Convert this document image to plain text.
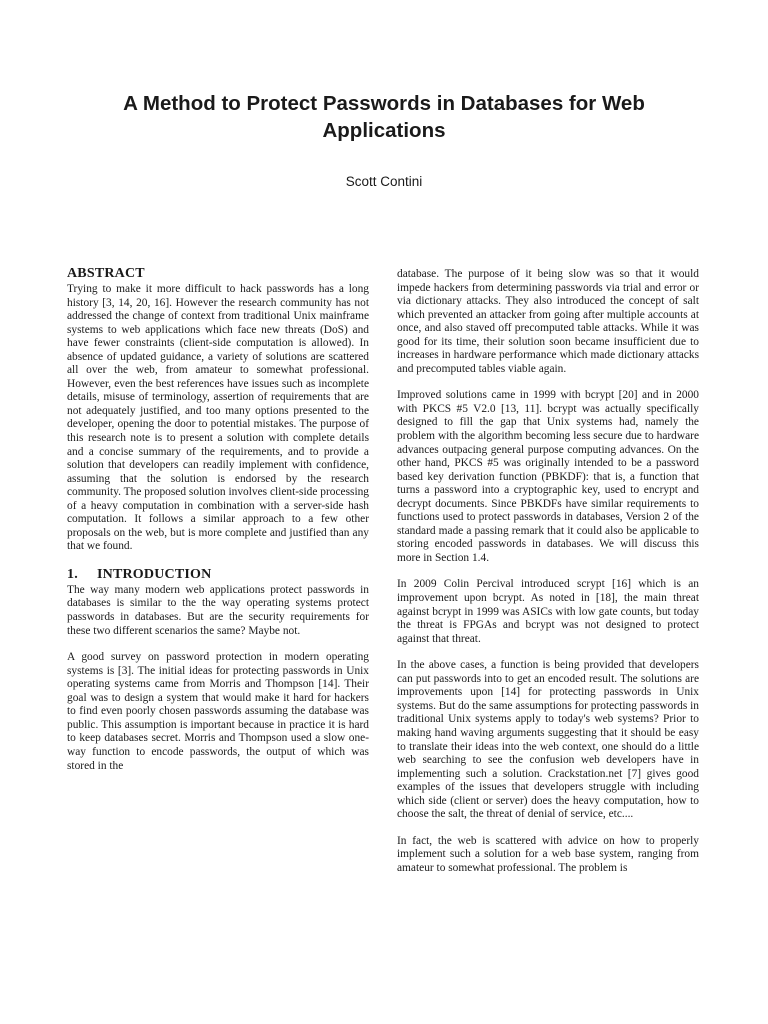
A Method to Protect Passwords in Databases for Web Applications
Scott Contini
ABSTRACT

Trying to make it more difficult to hack passwords has a long history [3, 14, 20, 16]. However the research community has not addressed the change of context from traditional Unix mainframe systems to web applications which face new threats (DoS) and have fewer constraints (client-side computation is allowed). In absence of updated guidance, a variety of solutions are scattered all over the web, from amateur to somewhat professional. However, even the best references have issues such as incomplete details, misuse of terminology, assertion of requirements that are not adequately justified, and too many options presented to the developer, opening the door to potential mistakes. The purpose of this research note is to present a solution with complete details and a concise summary of the requirements, and to provide a solution that developers can readily implement with confidence, assuming that the solution is endorsed by the research community. The proposed solution involves client-side processing of a heavy computation in combination with a server-side hash computation. It follows a similar approach to a few other proposals on the web, but is more complete and justified than any that we found.

1. INTRODUCTION

The way many modern web applications protect passwords in databases is similar to the the way operating systems protect passwords in databases. But are the security requirements for these two different scenarios the same? Maybe not.

A good survey on password protection in modern operating systems is [3]. The initial ideas for protecting passwords in Unix operating systems came from Morris and Thompson [14]. Their goal was to design a system that would make it hard for hackers to find even poorly chosen passwords assuming the database was public. This assumption is important because in practice it is hard to keep databases secret. Morris and Thompson used a slow one-way function to encode passwords, the output of which was stored in the

database. The purpose of it being slow was so that it would impede hackers from determining passwords via trial and error or via dictionary attacks. They also introduced the concept of salt which prevented an attacker from going after multiple accounts at once, and also staved off precomputed table attacks. While it was good for its time, their solution soon became insufficient due to increases in hardware performance which made dictionary attacks and precomputed tables viable again.

Improved solutions came in 1999 with bcrypt [20] and in 2000 with PKCS #5 V2.0 [13, 11]. bcrypt was actually specifically designed to fill the gap that Unix systems had, namely the problem with the algorithm becoming less secure due to hardware advances outpacing general purpose computing advances. On the other hand, PKCS #5 was originally intended to be a password based key derivation function (PBKDF): that is, a function that turns a password into a cryptographic key, used to encrypt and decrypt documents. Since PBKDFs have similar requirements to functions used to protect passwords in databases, Version 2 of the standard made a passing remark that it could also be applicable to storing encoded passwords in databases. We will discuss this more in Section 1.4.

In 2009 Colin Percival introduced scrypt [16] which is an improvement upon bcrypt. As noted in [18], the main threat against bcrypt in 1999 was ASICs with low gate counts, but today the threat is FPGAs and bcrypt was not designed to protect against that threat.

In the above cases, a function is being provided that developers can put passwords into to get an encoded result. The solutions are improvements upon [14] for protecting passwords in Unix systems. But do the same assumptions for protecting passwords in traditional Unix systems apply to today's web systems? Prior to making hand waving arguments suggesting that it should be easy to translate their ideas into the web context, one should do a little web searching to see the confusion web developers have in implementing such a solution. Crackstation.net [7] gives good examples of the issues that developers struggle with including which side (client or server) does the heavy computation, how to choose the salt, the threat of denial of service, etc....

In fact, the web is scattered with advice on how to properly implement such a solution for a web base system, ranging from amateur to somewhat professional. The problem is
